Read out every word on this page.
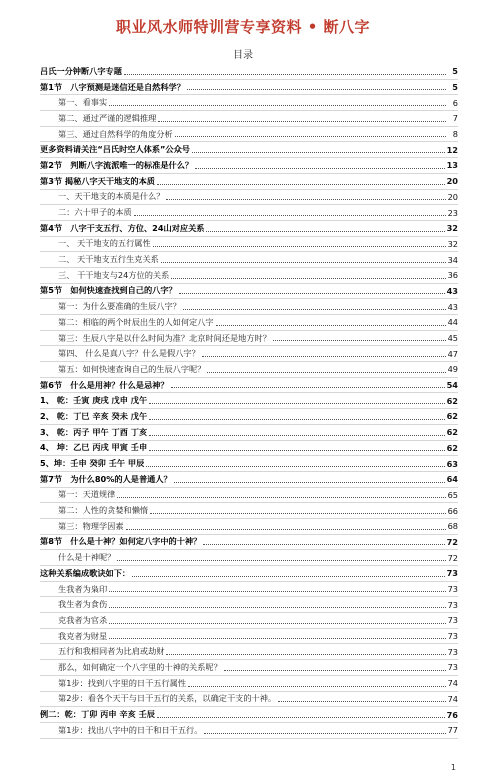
职业风水师特训营专享资料 • 断八字
目录
吕氏一分钟断八字专题	5
第1节　八字预测是迷信还是自然科学？	5
第一、看事实	6
第二、通过严谨的逻辑推理	7
第三、通过自然科学的角度分析	8
更多资料请关注“吕氏时空人体系”公众号	12
第2节　判断八字流派唯一的标准是什么？	13
第3节 揭秘八字天干地支的本质	20
一、天干地支的本质是什么？	20
二：六十甲子的本质	23
第4节　八字干支五行、方位、24山对应关系	32
一、 天干地支的五行属性	32
二、 天干地支五行生克关系	34
三、 干干地支与24方位的关系	36
第5节　如何快速查找到自己的八字？	43
第一：为什么要准确的生辰八字？	43
第二：相临的两个时辰出生的人如何定八字	44
第三：生辰八字是以什么时间为准？北京时间还是地方时？	45
第四、 什么是真八字？什么是假八字？	47
第五：如何快速查询自己的生辰八字呢？	49
第6节　什么是用神？什么是忌神？	54
1、 乾：壬寅 庚戌 戊申 戊午	62
2、 乾：丁巳 辛亥 癸未 戊午	62
3、 乾：丙子 甲午 丁酉 丁亥	62
4、 坤：乙巳 丙戌 甲寅 壬申	62
5、坤：壬申 癸卯 壬午 甲辰	63
第7节　为什么80%的人是普通人？	64
第一：天道规律	65
第二：人性的贪婪和懒惰	66
第三：物理学因素	68
第8节　什么是十神？如何定八字中的十神？	72
什么是十神呢？	72
这种关系编成歌诀如下：	73
生我者为枭印	73
我生者为食伤	73
克我者为官杀	73
我克者为财星	73
五行和我相同者为比肩或劫财	73
那么，如何确定一个八字里的十神的关系呢？	73
第1步：找到八字里的日干五行属性	74
第2步：看各个天干与日干五行的关系，以确定干支的十神。	74
例二：乾：丁卯 丙申 辛亥 壬辰	76
第1步：找出八字中的日干和日干五行。	77
1
